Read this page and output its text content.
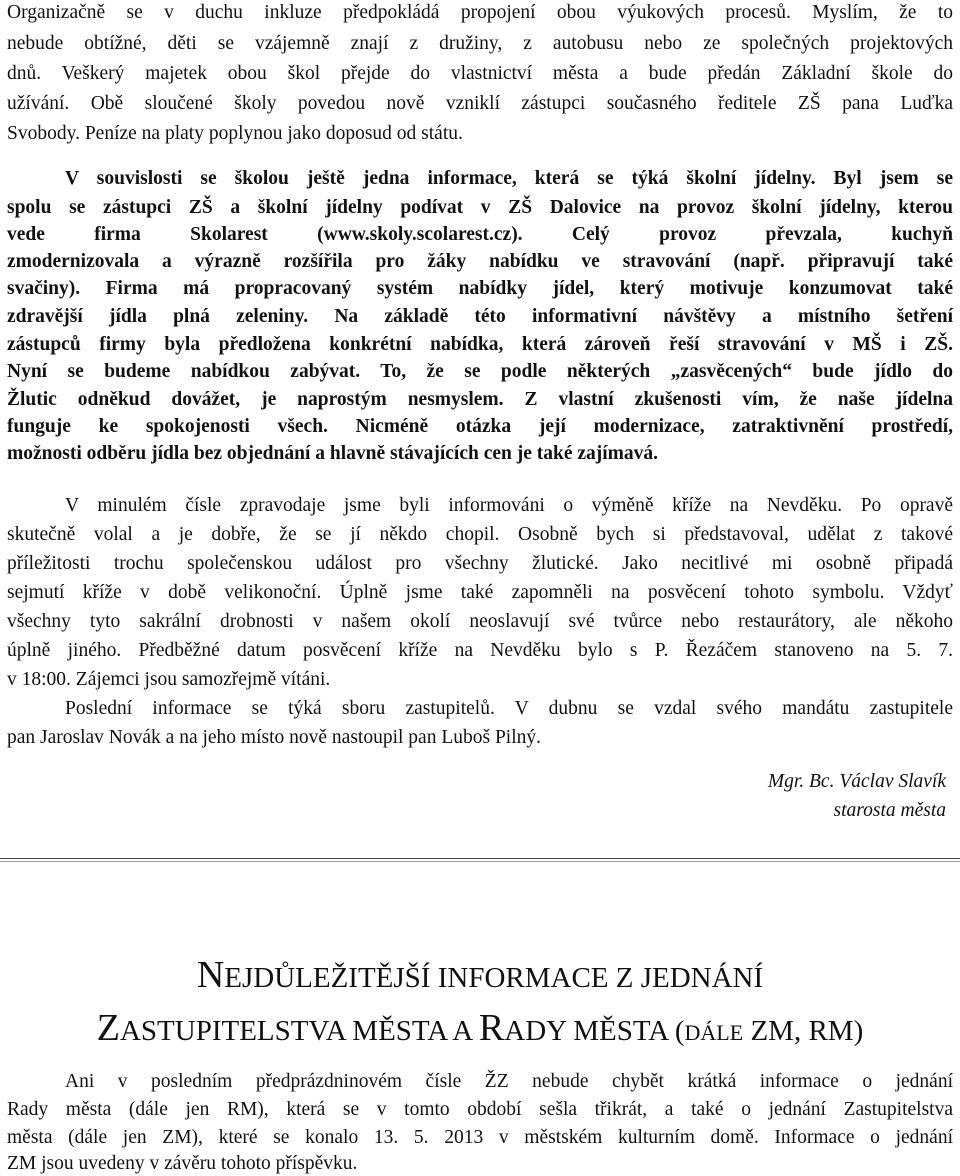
Organizačně se v duchu inkluze předpokládá propojení obou výukových procesů. Myslím, že to
nebude obtížné, děti se vzájemně znají z družiny, z autobusu nebo ze společných projektových
dnů. Veškerý majetek obou škol přejde do vlastnictví města a bude předán Základní škole do
užívání. Obě sloučené školy povedou nově vzniklí zástupci současného ředitele ZŠ pana Luďka
Svobody. Peníze na platy poplynou jako doposud od státu.
V souvislosti se školou ještě jedna informace, která se týká školní jídelny. Byl jsem se
spolu se zástupci ZŠ a školní jídelny podívat v ZŠ Dalovice na provoz školní jídelny, kterou
vede firma Skolarest (www.skoly.scolarest.cz). Celý provoz převzala, kuchyň
zmodernizovala a výrazně rozšířila pro žáky nabídku ve stravování (např. připravují také
svačiny). Firma má propracovaný systém nabídky jídel, který motivuje konzumovat také
zdravější jídla plná zeleniny. Na základě této informativní návštěvy a místního šetření
zástupců firmy byla předložena konkrétní nabídka, která zároveň řeší stravování v MŠ i ZŠ.
Nyní se budeme nabídkou zabývat. To, že se podle některých „zasvěcených“ bude jídlo do
Žlutic odněkud dovážet, je naprostým nesmyslem. Z vlastní zkušenosti vím, že naše jídelna
funguje ke spokojenosti všech. Nicméně otázka její modernizace, zatraktivnění prostředí,
možnosti odběru jídla bez objednání a hlavně stávajících cen je také zajímavá.
V minulém čísle zpravodaje jsme byli informováni o výměně kříže na Nevděku. Po opravě
skutečně volal a je dobře, že se jí někdo chopil. Osobně bych si představoval, udělat z takové
příležitosti trochu společenskou událost pro všechny žlutické. Jako necitlivé mi osobně připadá
sejmutí kříže v době velikonoční. Úplně jsme také zapomněli na posvěcení tohoto symbolu. Vždyť
všechny tyto sakrální drobnosti v našem okolí neoslavují své tvůrce nebo restaurátory, ale někoho
úplně jiného. Předběžné datum posvěcení kříže na Nevděku bylo s P. Řezáčem stanoveno na 5. 7.
v 18:00. Zájemci jsou samozřejmě vítáni.
Poslední informace se týká sboru zastupitelů. V dubnu se vzdal svého mandátu zastupitele
pan Jaroslav Novák a na jeho místo nově nastoupil pan Luboš Pilný.
Mgr. Bc. Václav Slavík
starosta města
NEJDŮLEŽITĚJŠÍ INFORMACE Z JEDNÁNÍ
ZASTUPITELSTVA MĚSTA A RADY MĚSTA (DÁLE ZM, RM)
Ani v posledním předprázdninovém čísle ŽZ nebude chybět krátká informace o jednání
Rady města (dále jen RM), která se v tomto období sešla třikrát, a také o jednání Zastupitelstva
města (dále jen ZM), které se konalo 13. 5. 2013 v městském kulturním domě. Informace o jednání
ZM jsou uvedeny v závěru tohoto příspěvku.
